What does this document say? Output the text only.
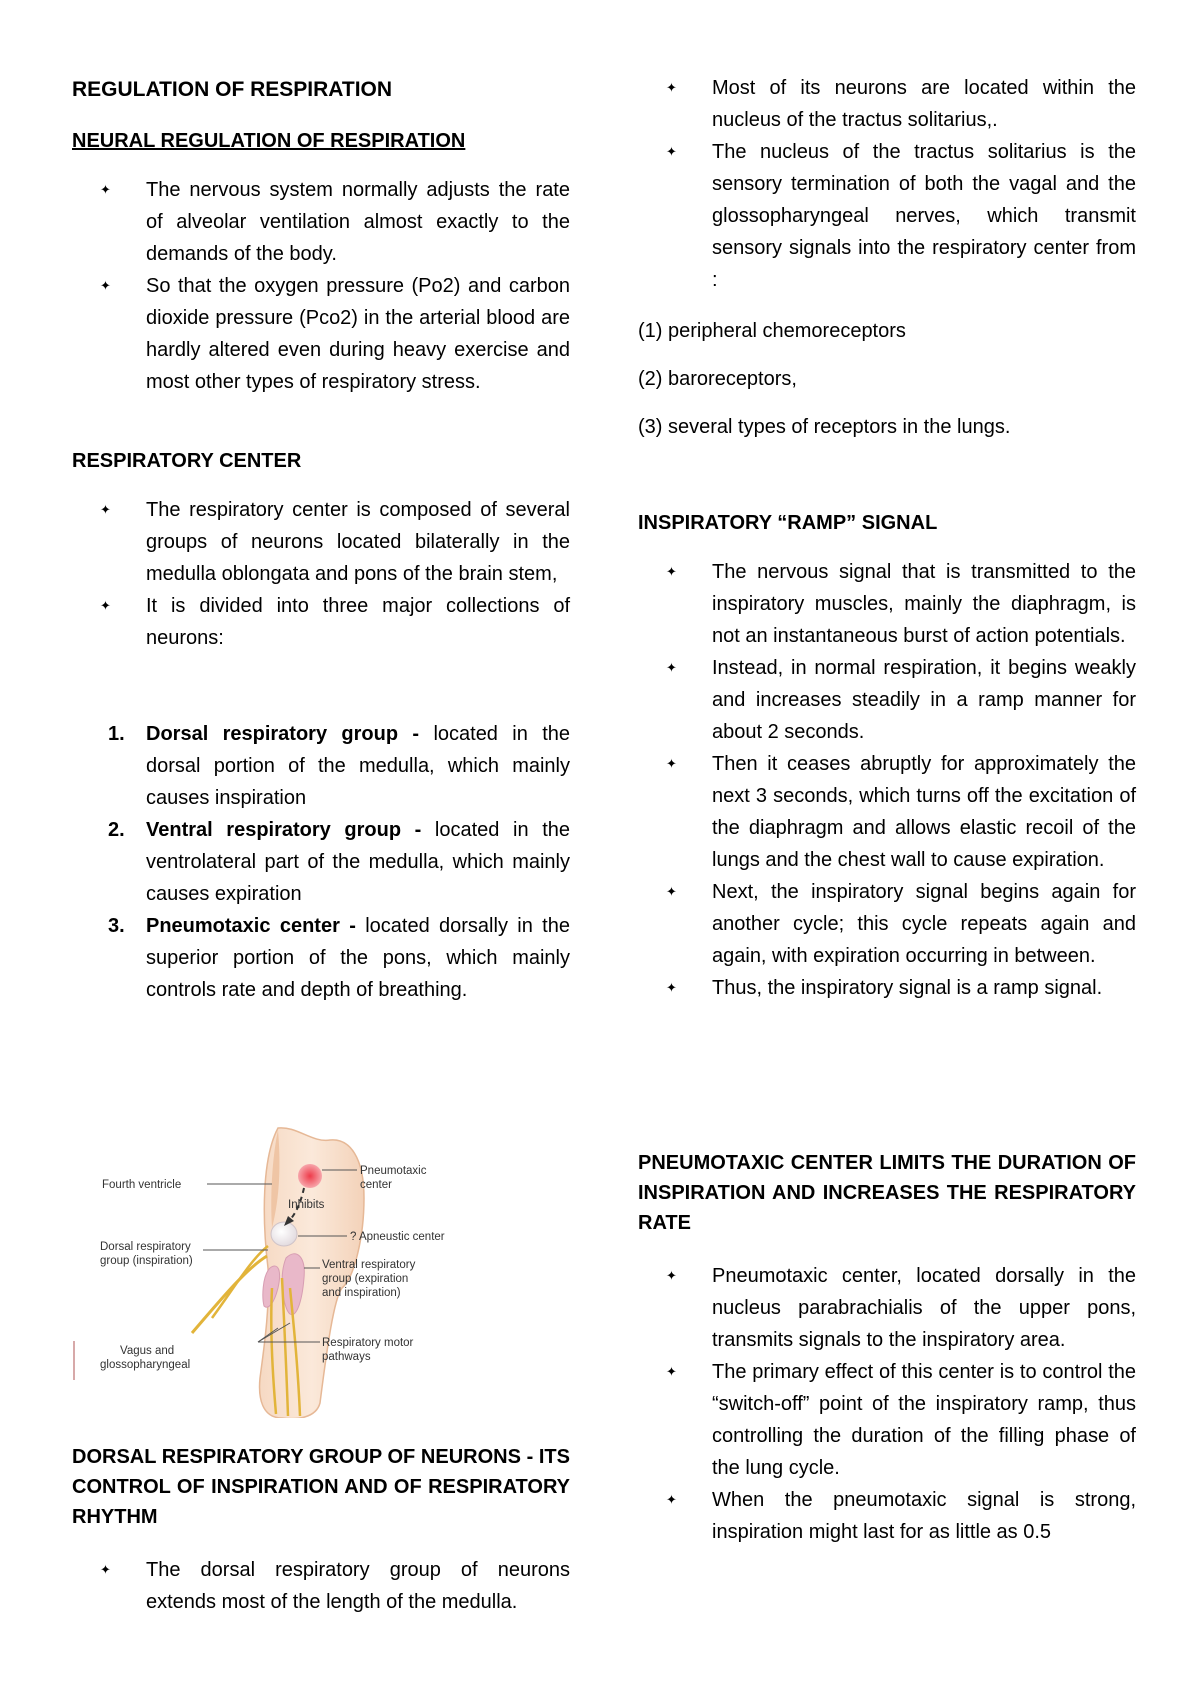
REGULATION OF RESPIRATION
NEURAL REGULATION OF RESPIRATION
✦ The nervous system normally adjusts the rate of alveolar ventilation almost exactly to the demands of the body.
✦ So that the oxygen pressure (Po2) and carbon dioxide pressure (Pco2) in the arterial blood are hardly altered even during heavy exercise and most other types of respiratory stress.
RESPIRATORY CENTER
✦ The respiratory center is composed of several groups of neurons located bilaterally in the medulla oblongata and pons of the brain stem,
✦ It is divided into three major collections of neurons:
1. Dorsal respiratory group - located in the dorsal portion of the medulla, which mainly causes inspiration
2. Ventral respiratory group - located in the ventrolateral part of the medulla, which mainly causes expiration
3. Pneumotaxic center - located dorsally in the superior portion of the pons, which mainly controls rate and depth of breathing.
DORSAL RESPIRATORY GROUP OF NEURONS - ITS CONTROL OF INSPIRATION AND OF RESPIRATORY RHYTHM
✦ The dorsal respiratory group of neurons extends most of the length of the medulla.
Fourth ventricle
Pneumotaxic
center
Inhibits
? Apneustic center
Dorsal respiratory
group (inspiration)	Ventral respiratory
group (expiration
and inspiration)
Vagus and
glossopharyngeal
Respiratory motor
pathways
✦ Most of its neurons are located within the nucleus of the tractus solitarius,.
✦ The nucleus of the tractus solitarius is the sensory termination of both the vagal and the glossopharyngeal nerves, which transmit sensory signals into the respiratory center from :

(1) peripheral chemoreceptors

(2) baroreceptors,

(3) several types of receptors in the lungs.

INSPIRATORY “RAMP” SIGNAL
✦ The nervous signal that is transmitted to the inspiratory muscles, mainly the diaphragm, is not an instantaneous burst of action potentials.
✦ Instead, in normal respiration, it begins weakly and increases steadily in a ramp manner for about 2 seconds.
✦ Then it ceases abruptly for approximately the next 3 seconds, which turns off the excitation of the diaphragm and allows elastic recoil of the lungs and the chest wall to cause expiration.
✦ Next, the inspiratory signal begins again for another cycle; this cycle repeats again and again, with expiration occurring in between.
✦ Thus, the inspiratory signal is a ramp signal.
PNEUMOTAXIC CENTER LIMITS THE DURATION OF INSPIRATION AND INCREASES THE RESPIRATORY RATE
✦ Pneumotaxic center, located dorsally in the nucleus parabrachialis of the upper pons, transmits signals to the inspiratory area.
✦ The primary effect of this center is to control the “switch-off” point of the inspiratory ramp, thus controlling the duration of the filling phase of the lung cycle.
✦ When the pneumotaxic signal is strong, inspiration might last for as little as 0.5
